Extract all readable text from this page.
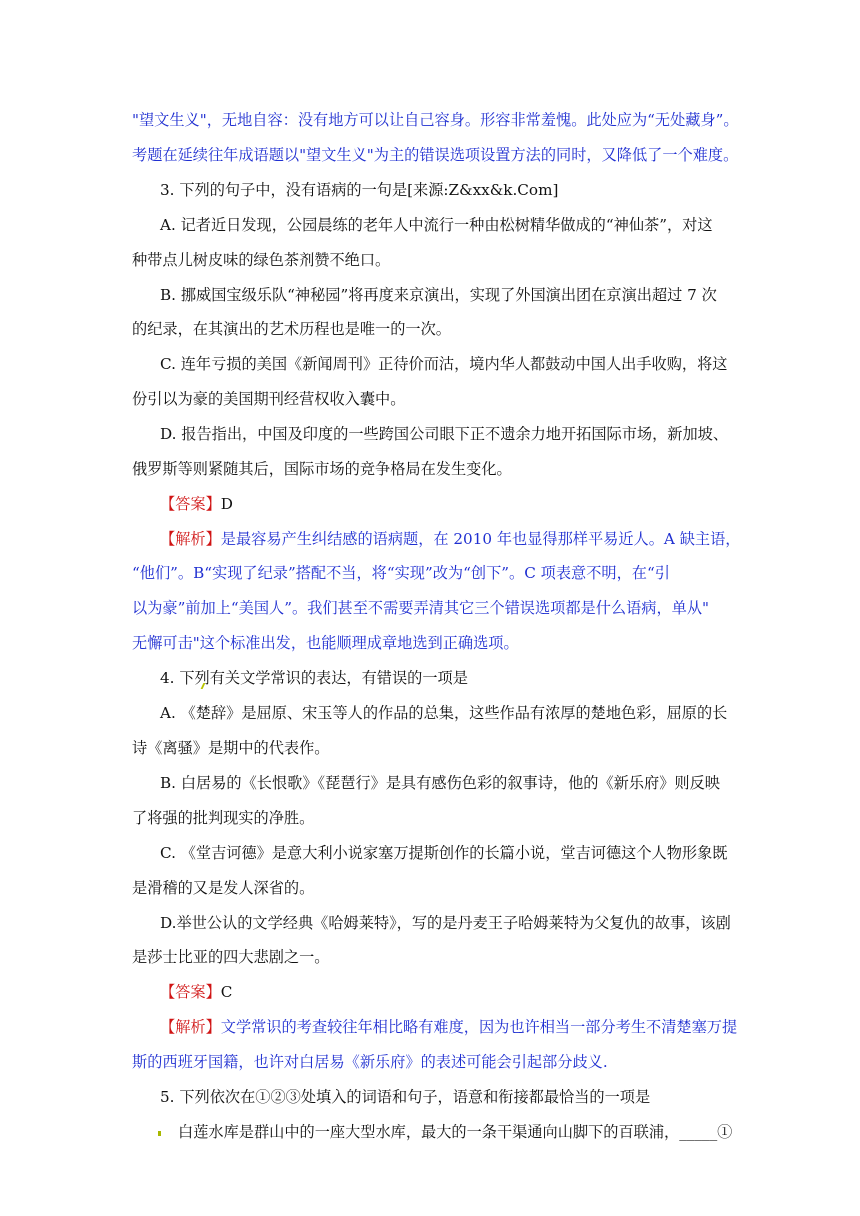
"望文生义"，无地自容：没有地方可以让自己容身。形容非常羞愧。此处应为“无处藏身”。
考题在延续往年成语题以"望文生义"为主的错误选项设置方法的同时，又降低了一个难度。
3. 下列的句子中，没有语病的一句是[来源:Z&xx&k.Com]
A. 记者近日发现，公园晨练的老年人中流行一种由松树精华做成的“神仙茶”，对这
种带点儿树皮味的绿色茶剂赞不绝口。
B. 挪威国宝级乐队“神秘园”将再度来京演出，实现了外国演出团在京演出超过 7 次
的纪录，在其演出的艺术历程也是唯一的一次。
C. 连年亏损的美国《新闻周刊》正待价而沽，境内华人都鼓动中国人出手收购，将这
份引以为豪的美国期刊经营权收入囊中。
D. 报告指出，中国及印度的一些跨国公司眼下正不遗余力地开拓国际市场，新加坡、
俄罗斯等则紧随其后，国际市场的竞争格局在发生变化。
【答案】D
【解析】是最容易产生纠结感的语病题，在 2010 年也显得那样平易近人。A 缺主语，
“他们”。B“实现了纪录”搭配不当，将“实现”改为“创下”。C 项表意不明，在“引
以为豪”前加上“美国人”。我们甚至不需要弄清其它三个错误选项都是什么语病，单从"
无懈可击"这个标准出发，也能顺理成章地选到正确选项。
4. 下列有关文学常识的表达，有错误的一项是
A. 《楚辞》是屈原、宋玉等人的作品的总集，这些作品有浓厚的楚地色彩，屈原的长
诗《离骚》是期中的代表作。
B. 白居易的《长恨歌》《琵琶行》是具有感伤色彩的叙事诗，他的《新乐府》则反映
了将强的批判现实的净胜。
C. 《堂吉诃德》是意大利小说家塞万提斯创作的长篇小说，堂吉诃德这个人物形象既
是滑稽的又是发人深省的。
D.举世公认的文学经典《哈姆莱特》，写的是丹麦王子哈姆莱特为父复仇的故事，该剧
是莎士比亚的四大悲剧之一。
【答案】C
【解析】文学常识的考查较往年相比略有难度，因为也许相当一部分考生不清楚塞万提
斯的西班牙国籍，也许对白居易《新乐府》的表述可能会引起部分歧义.
5. 下列依次在①②③处填入的词语和句子，语意和衔接都最恰当的一项是
白莲水库是群山中的一座大型水库，最大的一条干渠通向山脚下的百联浦，_____①
